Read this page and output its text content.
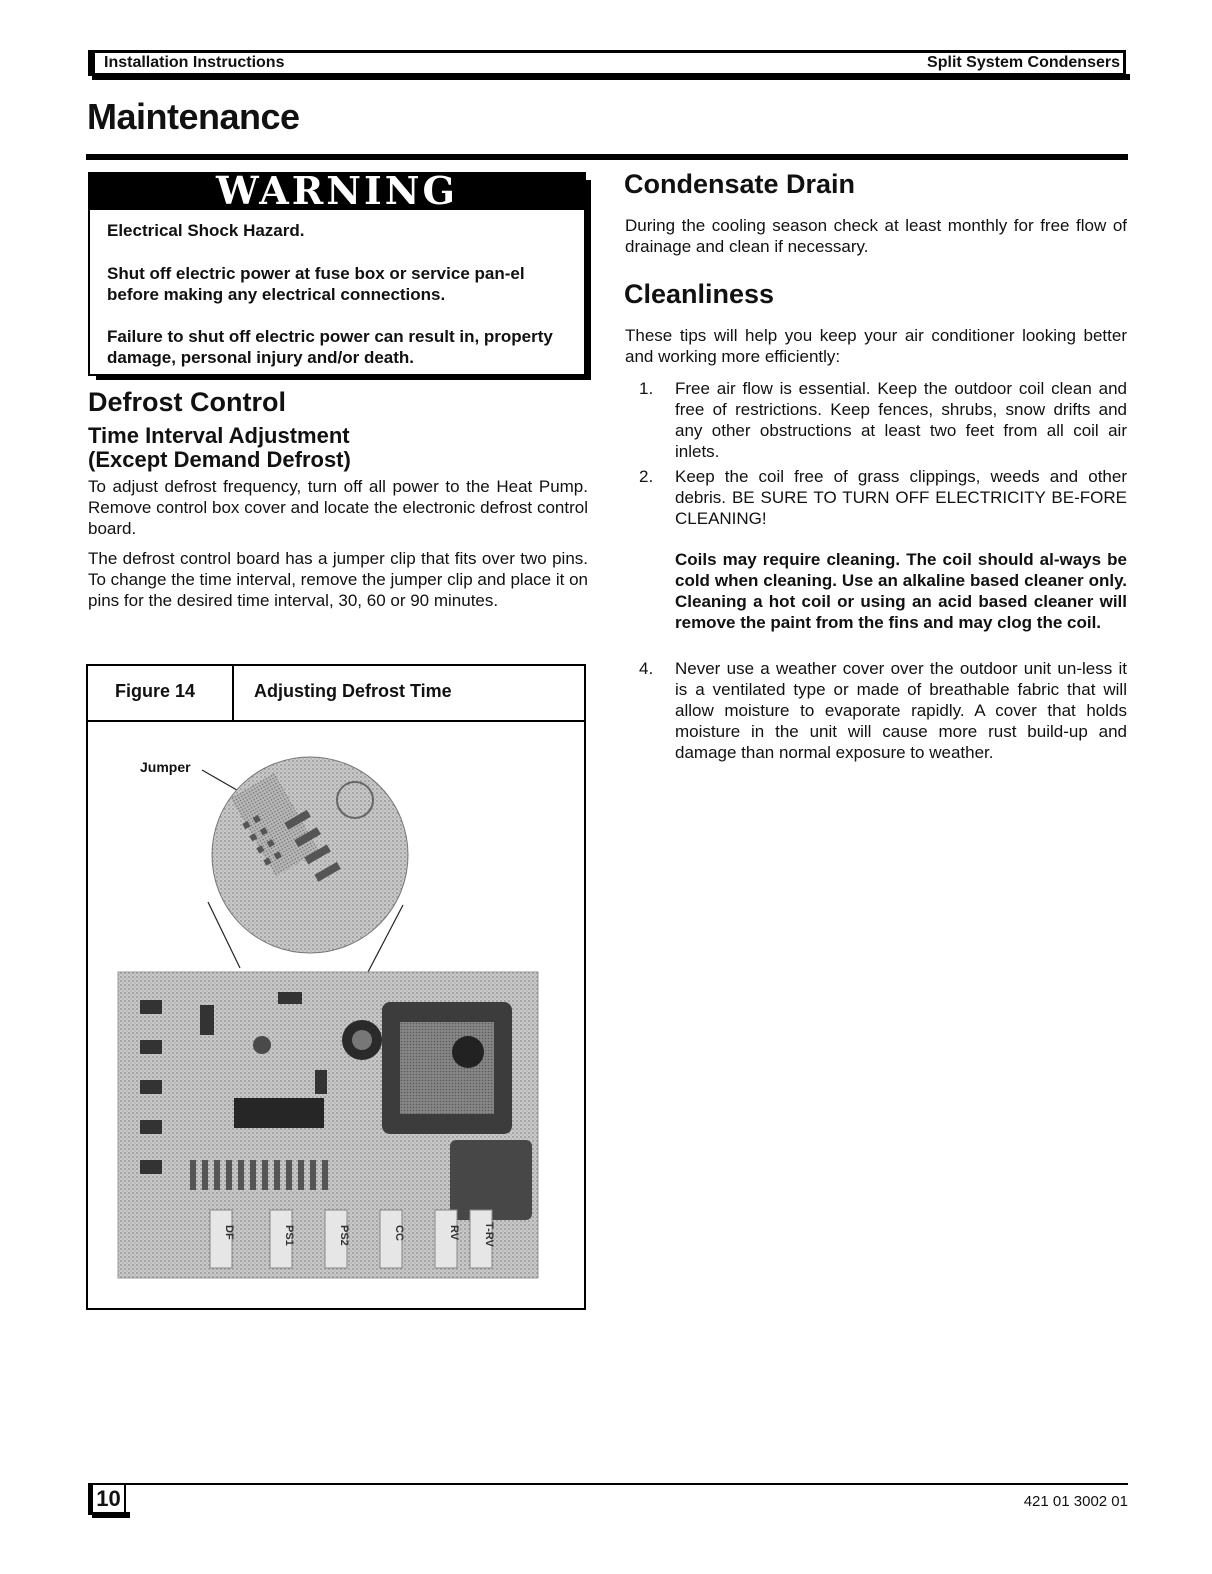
Installation Instructions	Split System Condensers
Maintenance
WARNING
Electrical Shock Hazard.
Shut off electric power at fuse box or service pan-el before making any electrical connections.
Failure to shut off electric power can result in, property damage, personal injury and/or death.
Defrost Control
Time Interval Adjustment
(Except Demand Defrost)
To adjust defrost frequency, turn off all power to the Heat Pump. Remove control box cover and locate the electronic defrost control board.
The defrost control board has a jumper clip that fits over two pins. To change the time interval, remove the jumper clip and place it on pins for the desired time interval, 30, 60 or 90 minutes.
Figure 14	Adjusting Defrost Time
Jumper
DF	PS1	PS2	CC	RV T-RV
Condensate Drain
During the cooling season check at least monthly for free flow of drainage and clean if necessary.
Cleanliness
These tips will help you keep your air conditioner looking better and working more efficiently:
1. Free air flow is essential. Keep the outdoor coil clean and free of restrictions. Keep fences, shrubs, snow drifts and any other obstructions at least two feet from all coil air inlets.
2. Keep the coil free of grass clippings, weeds and other debris. BE SURE TO TURN OFF ELECTRICITY BE-FORE CLEANING!
Coils may require cleaning. The coil should al-ways be cold when cleaning. Use an alkaline based cleaner only. Cleaning a hot coil or using an acid based cleaner will remove the paint from the fins and may clog the coil.
4. Never use a weather cover over the outdoor unit un-less it is a ventilated type or made of breathable fabric that will allow moisture to evaporate rapidly. A cover that holds moisture in the unit will cause more rust build-up and damage than normal exposure to weather.
10	421 01 3002 01
